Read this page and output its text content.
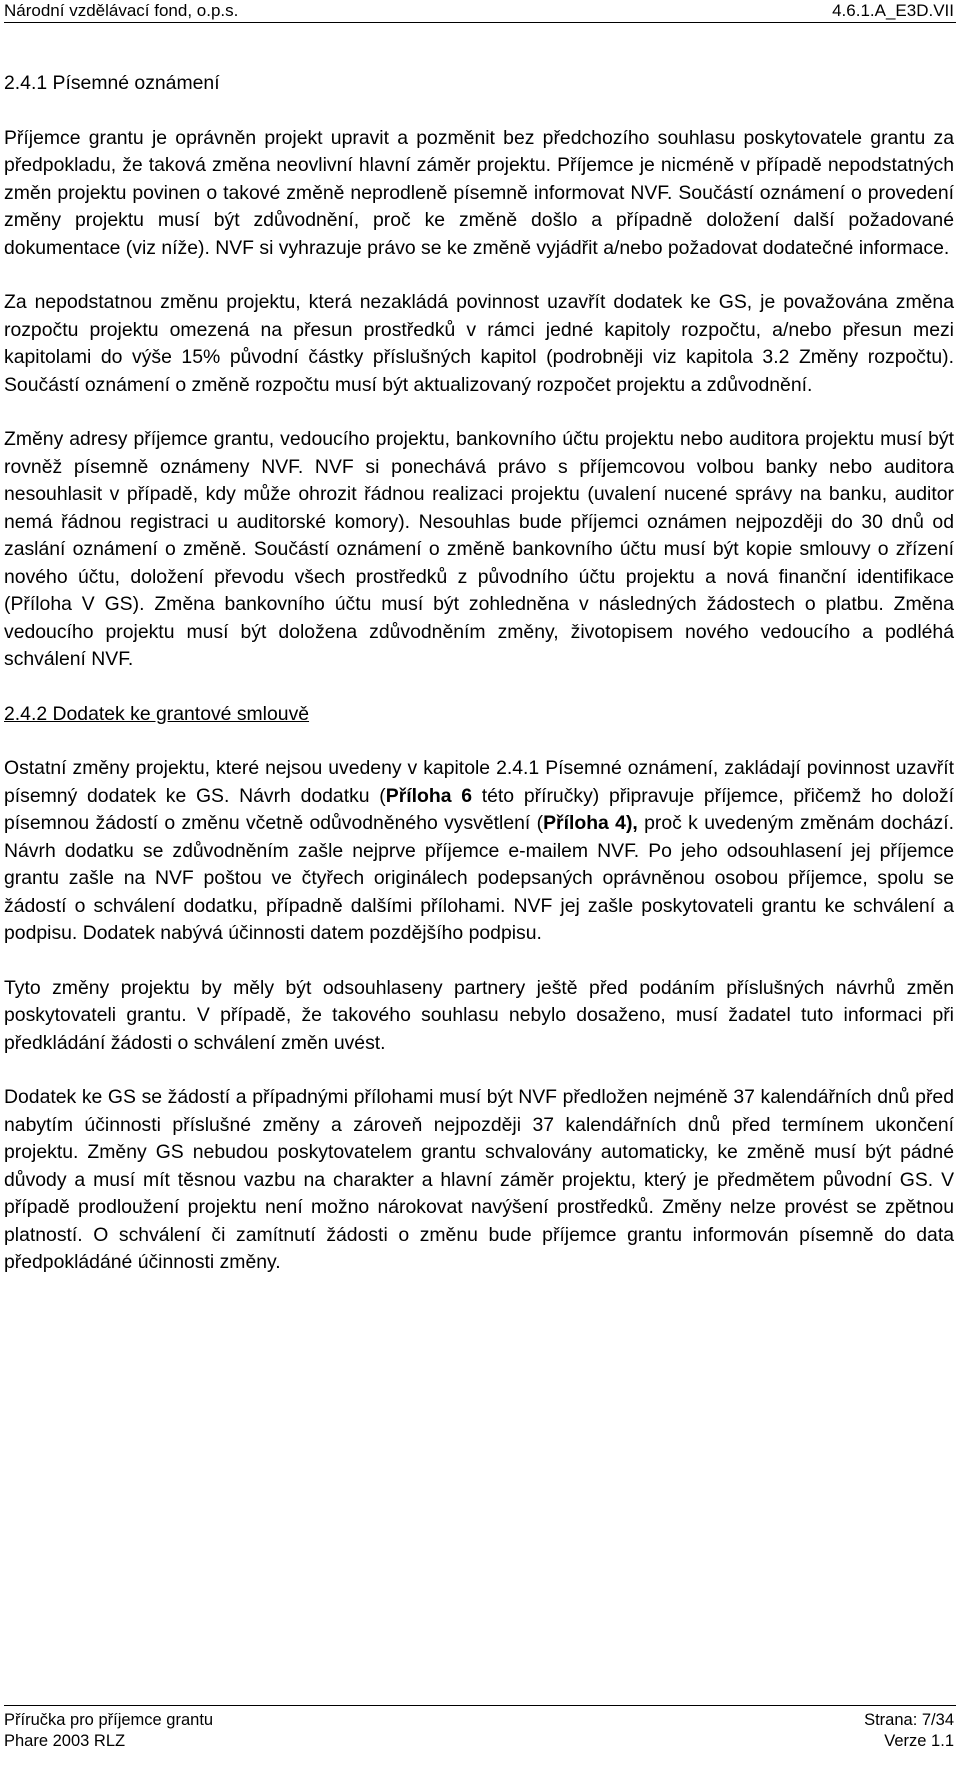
Národní vzdělávací fond, o.p.s.	4.6.1.A_E3D.VII
2.4.1 Písemné oznámení

Příjemce grantu je oprávněn projekt upravit a pozměnit bez předchozího souhlasu poskytovatele grantu za předpokladu, že taková změna neovlivní hlavní záměr projektu. Příjemce je nicméně v případě nepodstatných změn projektu povinen o takové změně neprodleně písemně informovat NVF. Součástí oznámení o provedení změny projektu musí být zdůvodnění, proč ke změně došlo a případně doložení další požadované dokumentace (viz níže). NVF si vyhrazuje právo se ke změně vyjádřit a/nebo požadovat dodatečné informace.

Za nepodstatnou změnu projektu, která nezakládá povinnost uzavřít dodatek ke GS, je považována změna rozpočtu projektu omezená na přesun prostředků v rámci jedné kapitoly rozpočtu, a/nebo přesun mezi kapitolami do výše 15% původní částky příslušných kapitol (podrobněji viz kapitola 3.2 Změny rozpočtu). Součástí oznámení o změně rozpočtu musí být aktualizovaný rozpočet projektu a zdůvodnění.

Změny adresy příjemce grantu, vedoucího projektu, bankovního účtu projektu nebo auditora projektu musí být rovněž písemně oznámeny NVF. NVF si ponechává právo s příjemcovou volbou banky nebo auditora nesouhlasit v případě, kdy může ohrozit řádnou realizaci projektu (uvalení nucené správy na banku, auditor nemá řádnou registraci u auditorské komory). Nesouhlas bude příjemci oznámen nejpozději do 30 dnů od zaslání oznámení o změně. Součástí oznámení o změně bankovního účtu musí být kopie smlouvy o zřízení nového účtu, doložení převodu všech prostředků z původního účtu projektu a nová finanční identifikace (Příloha V GS). Změna bankovního účtu musí být zohledněna v následných žádostech o platbu. Změna vedoucího projektu musí být doložena zdůvodněním změny, životopisem nového vedoucího a podléhá schválení NVF.

2.4.2 Dodatek ke grantové smlouvě

Ostatní změny projektu, které nejsou uvedeny v kapitole 2.4.1 Písemné oznámení, zakládají povinnost uzavřít písemný dodatek ke GS. Návrh dodatku (Příloha 6 této příručky) připravuje příjemce, přičemž ho doloží písemnou žádostí o změnu včetně odůvodněného vysvětlení (Příloha 4), proč k uvedeným změnám dochází. Návrh dodatku se zdůvodněním zašle nejprve příjemce e-mailem NVF. Po jeho odsouhlasení jej příjemce grantu zašle na NVF poštou ve čtyřech originálech podepsaných oprávněnou osobou příjemce, spolu se žádostí o schválení dodatku, případně dalšími přílohami. NVF jej zašle poskytovateli grantu ke schválení a podpisu. Dodatek nabývá účinnosti datem pozdějšího podpisu.

Tyto změny projektu by měly být odsouhlaseny partnery ještě před podáním příslušných návrhů změn poskytovateli grantu. V případě, že takového souhlasu nebylo dosaženo, musí žadatel tuto informaci při předkládání žádosti o schválení změn uvést.

Dodatek ke GS se žádostí a případnými přílohami musí být NVF předložen nejméně 37 kalendářních dnů před nabytím účinnosti příslušné změny a zároveň nejpozději 37 kalendářních dnů před termínem ukončení projektu. Změny GS nebudou poskytovatelem grantu schvalovány automaticky, ke změně musí být pádné důvody a musí mít těsnou vazbu na charakter a hlavní záměr projektu, který je předmětem původní GS. V případě prodloužení projektu není možno nárokovat navýšení prostředků. Změny nelze provést se zpětnou platností. O schválení či zamítnutí žádosti o změnu bude příjemce grantu informován písemně do data předpokládáné účinnosti změny.

Příručka pro příjemce grantu
Phare 2003 RLZ
Strana: 7/34
Verze 1.1
